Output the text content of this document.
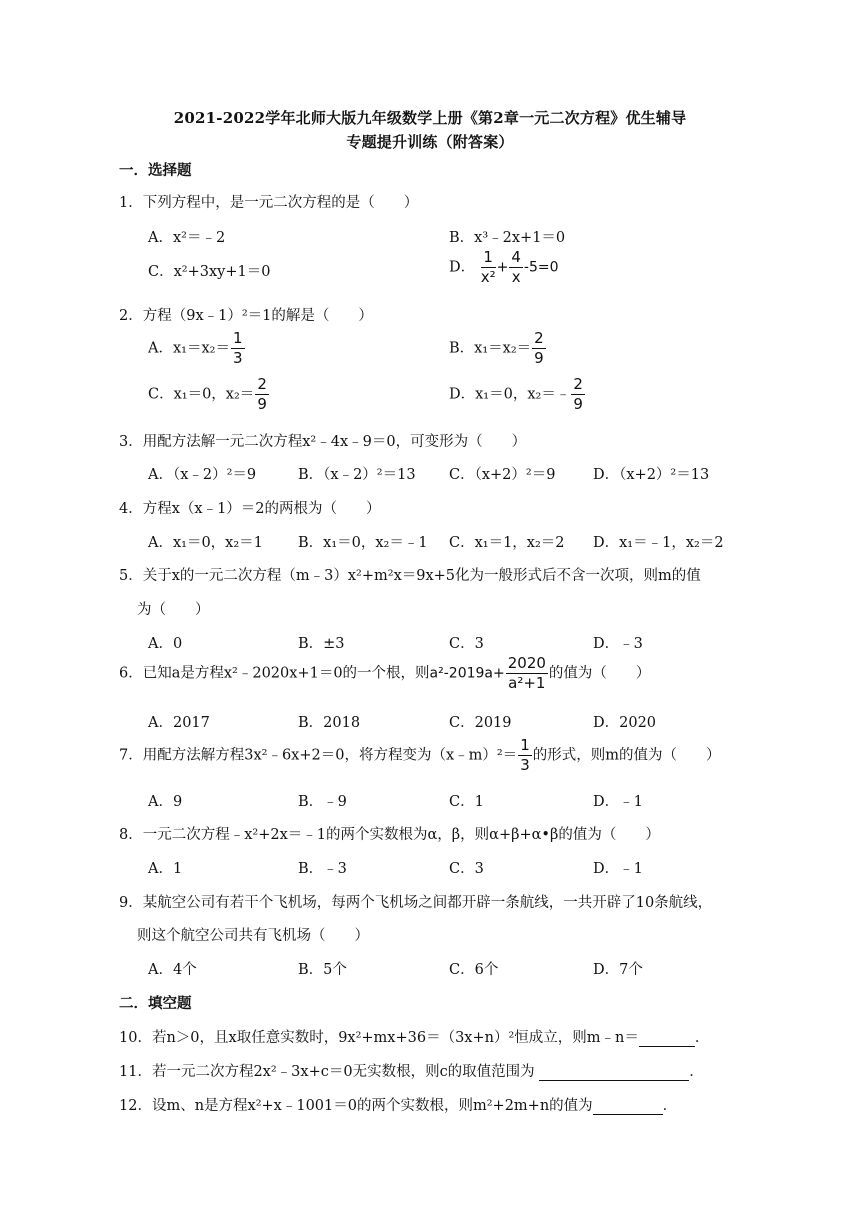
2021-2022学年北师大版九年级数学上册《第2章一元二次方程》优生辅导
专题提升训练（附答案）
一．选择题
1．下列方程中，是一元二次方程的是（　　）
A．x²＝﹣2	B．x³﹣2x+1＝0
C．x²+3xy+1＝0	D． $\frac{1}{\text{x²}} + \frac{4}{x} -5=0$
2．方程（9x﹣1）²＝1的解是（　　）
A．$x_1=x_2= \frac{1}{3}$	B．$x_1=x_2= \frac{2}{9}$
C．x₁＝0，$x_2= \frac{2}{9}$	D．x₁＝0，x₂＝﹣ $\frac{2}{9}$
3．用配方法解一元二次方程x²﹣4x﹣9＝0，可变形为（　　）
A．（x﹣2）²＝9	B．（x﹣2）²＝13 C．（x+2）²＝9	D．（x+2）²＝13
4．方程x（x﹣1）＝2的两根为（　　）
A．x₁＝0，x₂＝1 B．x₁＝0，x₂＝﹣1 C．x₁＝1，x₂＝2 D．x₁＝﹣1，x₂＝2
5．关于x的一元二次方程（m﹣3）x²+m²x＝9x+5化为一般形式后不含一次项，则m的值
为（　　）
A．0	B．±3	C．3	D．﹣3
6．已知a是方程x²﹣2020x+1＝0的一个根，则$a^2-2019a+ \frac{2020}{\text{a²+1}}$ 的值为（　　）
A．2017	B．2018	C．2019	D．2020
7．用配方法解方程3x²﹣6x+2＝0，将方程变为（x﹣m）²＝ $\frac{1}{3}$ 的形式，则m的值为（　　）
A．9	B．﹣9	C．1	D．﹣1
8．一元二次方程﹣x²+2x＝﹣1的两个实数根为α，β，则α+β+α•β的值为（　　）
A．1	B．﹣3	C．3	D．﹣1
9．某航空公司有若干个飞机场，每两个飞机场之间都开辟一条航线，一共开辟了10条航线，
则这个航空公司共有飞机场（　　）
A．4个	B．5个	C．6个	D．7个
二．填空题
10．若n＞0，且x取任意实数时，9x²+mx+36＝（3x+n）²恒成立，则m﹣n＝	．
11．若一元二次方程2x²﹣3x+c＝0无实数根，则c的取值范围为	．
12．设m、n是方程x²+x﹣1001＝0的两个实数根，则m²+2m+n的值为	．
